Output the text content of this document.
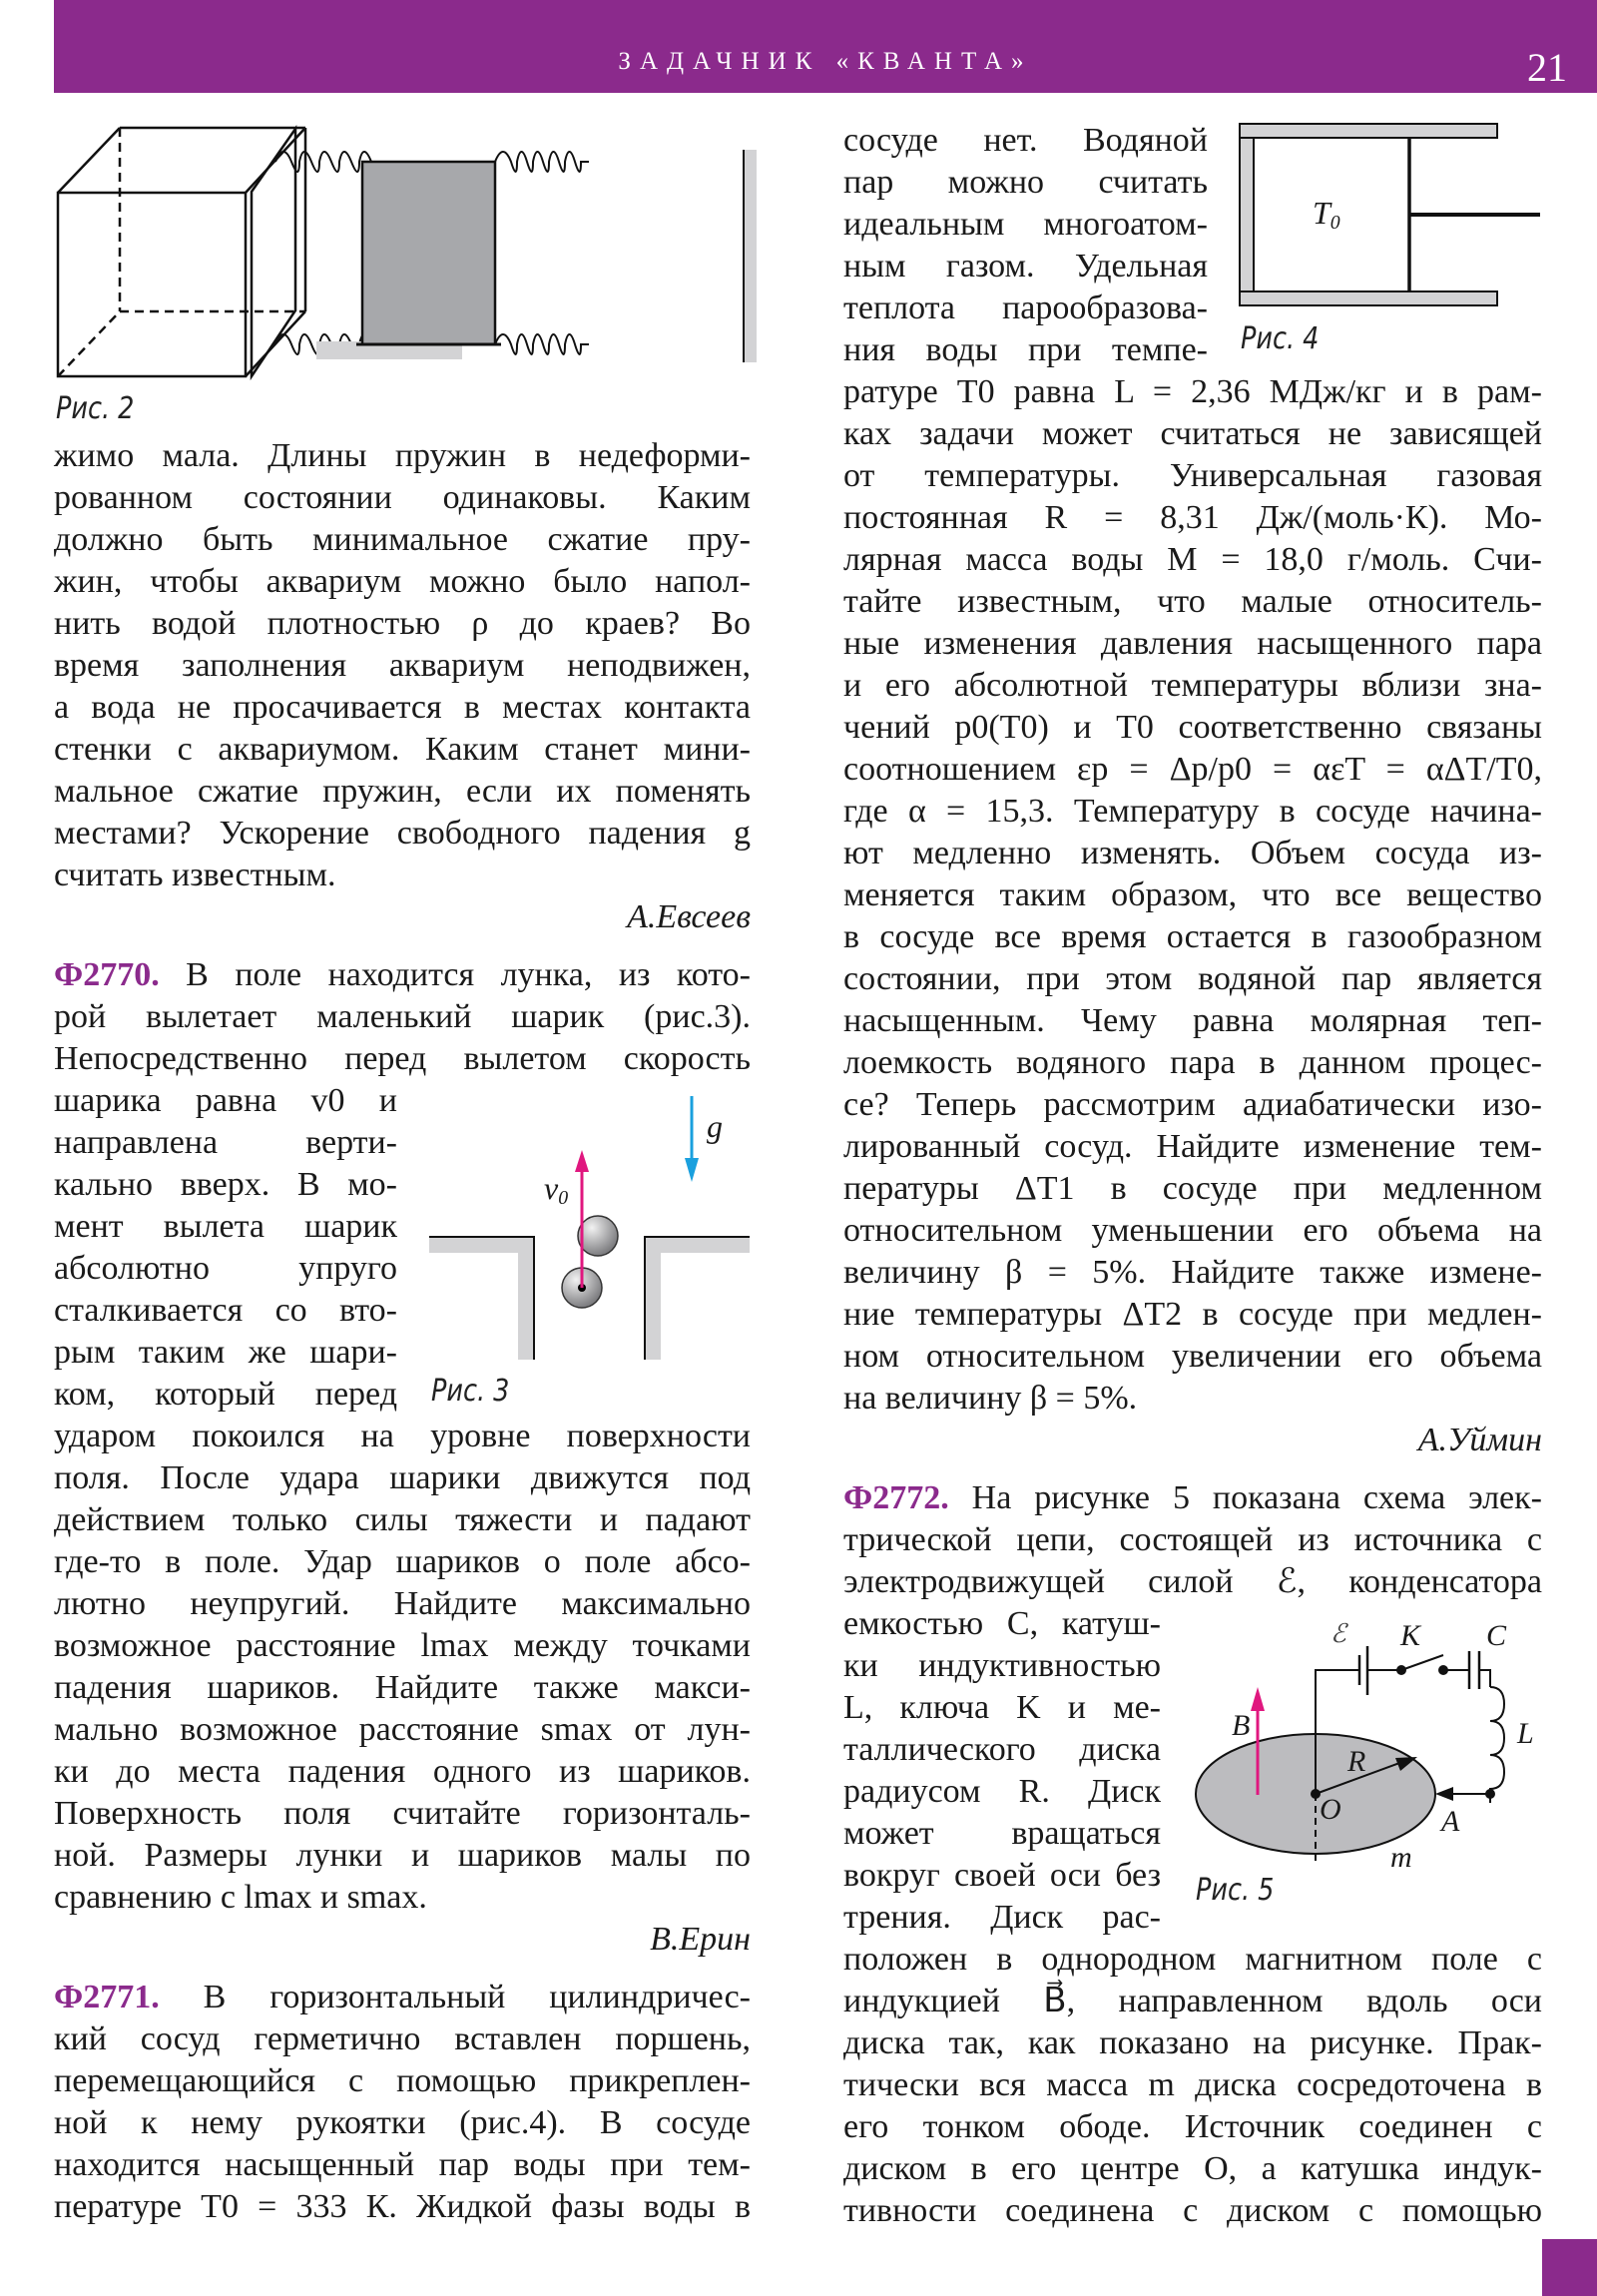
ЗАДАЧНИК «КВАНТА»	21
Рис. 2
жимо мала. Длины пружин в недеформи-
рованном состоянии одинаковы. Каким
должно быть минимальное сжатие пру-
жин, чтобы аквариум можно было напол-
нить водой плотностью ρ до краев? Во
время заполнения аквариум неподвижен,
а вода не просачивается в местах контакта
стенки с аквариумом. Каким станет мини-
мальное сжатие пружин, если их поменять
местами? Ускорение свободного падения g
считать известным.
А.Евсеев
Ф2770. В поле находится лунка, из кото-
рой вылетает маленький шарик (рис.3).
Непосредственно перед вылетом скорость
шарика равна v0 и
направлена верти-
кально вверх. В мо-
мент вылета шарик
абсолютно упруго
сталкивается со вто-
рым таким же шари-
ком, который перед
ударом покоился на уровне поверхности
поля. После удара шарики движутся под
действием только силы тяжести и падают
где-то в поле. Удар шариков о поле абсо-
лютно неупругий. Найдите максимально
возможное расстояние lmax между точками
падения шариков. Найдите также макси-
мально возможное расстояние smax от лун-
ки до места падения одного из шариков.
Поверхность поля считайте горизонталь-
ной. Размеры лунки и шариков малы по
сравнению с lmax и smax.
В.Ерин
Ф2771. В горизонтальный цилиндричес-
кий сосуд герметично вставлен поршень,
перемещающийся с помощью прикреплен-
ной к нему рукоятки (рис.4). В сосуде
находится насыщенный пар воды при тем-
пературе T0 = 333 К. Жидкой фазы воды в
$v_0$
g
Рис. 3
сосуде нет. Водяной
пар можно считать
идеальным многоатом-
ным газом. Удельная
теплота парообразова-
ния воды при темпе-
ратуре T0 равна L = 2,36 МДж/кг и в рам-
ках задачи может считаться не зависящей
от температуры. Универсальная газовая
постоянная R = 8,31 Дж/(моль·К). Мо-
лярная масса воды M = 18,0 г/моль. Счи-
тайте известным, что малые относитель-
ные изменения давления насыщенного пара
и его абсолютной температуры вблизи зна-
чений p0(T0) и T0 соответственно связаны
соотношением εp = Δp/p0 = αεT = αΔT/T0,
где α = 15,3. Температуру в сосуде начина-
ют медленно изменять. Объем сосуда из-
меняется таким образом, что все вещество
в сосуде все время остается в газообразном
состоянии, при этом водяной пар является
насыщенным. Чему равна молярная теп-
лоемкость водяного пара в данном процес-
се? Теперь рассмотрим адиабатически изо-
лированный сосуд. Найдите изменение тем-
пературы ΔT1 в сосуде при медленном
относительном уменьшении его объема на
величину β = 5%. Найдите также измене-
ние температуры ΔT2 в сосуде при медлен-
ном относительном увеличении его объема
на величину β = 5%.
А.Уймин
Ф2772. На рисунке 5 показана схема элек-
трической цепи, состоящей из источника с
электродвижущей силой ℰ, конденсатора
емкостью C, катуш-
ки индуктивностью
L, ключа K и ме-
таллического диска
радиусом R. Диск
может вращаться
вокруг своей оси без
трения. Диск рас-
положен в однородном магнитном поле с
индукцией B⃗, направленном вдоль оси
диска так, как показано на рисунке. Прак-
тически вся масса m диска сосредоточена в
его тонком ободе. Источник соединен с
диском в его центре O, а катушка индук-
тивности соединена с диском с помощью
$T_0$
Рис. 4
ℰ K C
L
B
R
O	A
m
Рис. 5
